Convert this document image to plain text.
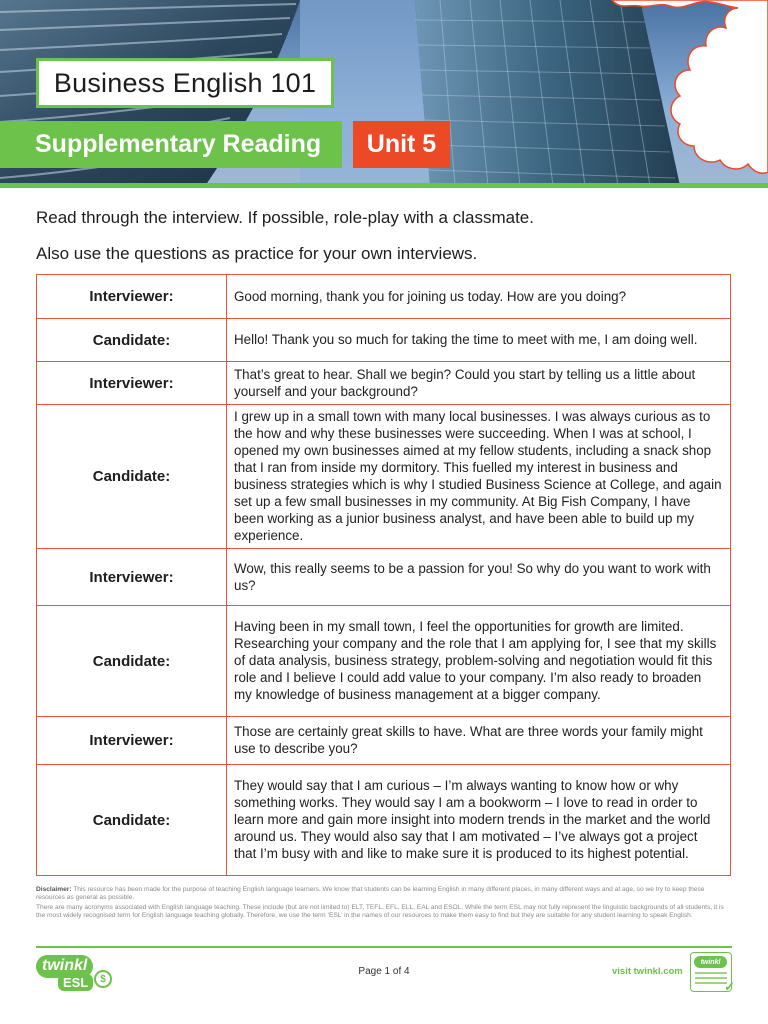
Business English 101
Supplementary Reading	Unit 5
Read through the interview. If possible, role-play with a classmate.
Also use the questions as practice for your own interviews.
Interviewer:	Good morning, thank you for joining us today. How are you doing?
Candidate:	Hello! Thank you so much for taking the time to meet with me, I am doing well.
Interviewer:	That’s great to hear. Shall we begin? Could you start by telling us a little about yourself and your background?
Candidate:	I grew up in a small town with many local businesses. I was always curious as to the how and why these businesses were succeeding. When I was at school, I opened my own businesses aimed at my fellow students, including a snack shop that I ran from inside my dormitory. This fuelled my interest in business and business strategies which is why I studied Business Science at College, and again set up a few small businesses in my community. At Big Fish Company, I have been working as a junior business analyst, and have been able to build up my experience.
Interviewer:	Wow, this really seems to be a passion for you! So why do you want to work with us?
Candidate:	Having been in my small town, I feel the opportunities for growth are limited. Researching your company and the role that I am applying for, I see that my skills of data analysis, business strategy, problem-solving and negotiation would fit this role and I believe I could add value to your company. I’m also ready to broaden my knowledge of business management at a bigger company.
Interviewer:	Those are certainly great skills to have. What are three words your family might use to describe you?
Candidate:	They would say that I am curious – I’m always wanting to know how or why something works. They would say I am a bookworm – I love to read in order to learn more and gain more insight into modern trends in the market and the world around us. They would also say that I am motivated – I’ve always got a project that I’m busy with and like to make sure it is produced to its highest potential.

Disclaimer: This resource has been made for the purpose of teaching English language learners. We know that students can be learning English in many different places, in many different ways and at age, so we try to keep these resources as general as possible.

There are many acronyms associated with English language teaching. These include (but are not limited to) ELT, TEFL, EFL, ELL, EAL and ESOL. While the term ESL may not fully represent the linguistic backgrounds of all students, it is the most widely recognised term for English language teaching globally. Therefore, we use the term ‘ESL’ in the names of our resources to make them easy to find but they are suitable for any student learning to speak English.

twinkl
ESL	$
Page 1 of 4	visit twinkl.com
twinkl
✓
